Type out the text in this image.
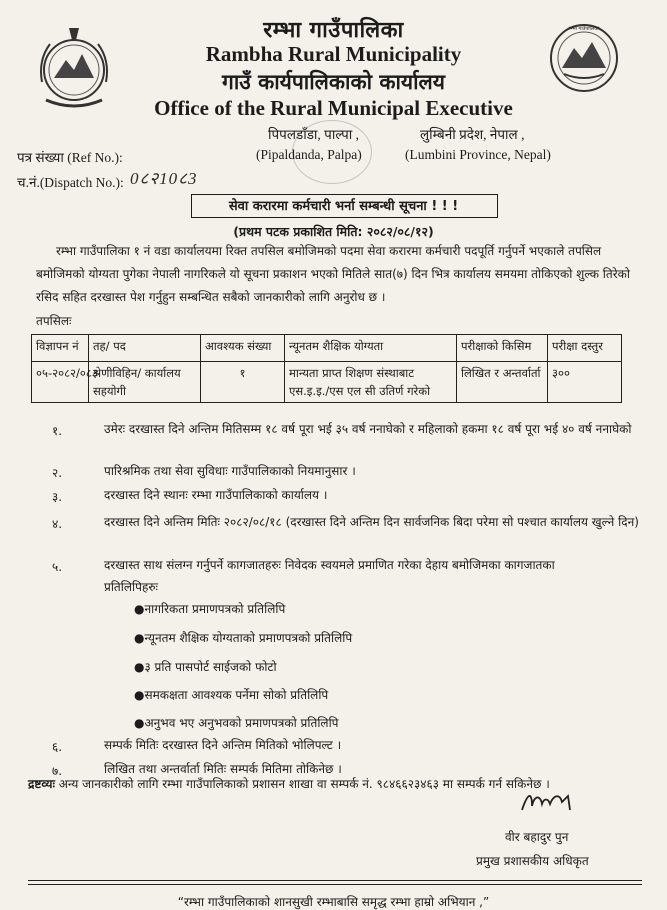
रम्भा गाउँपालिका
रम्भा गाउँपालिका
Rambha Rural Municipality
गाउँ कार्यपालिकाको कार्यालय
Office of the Rural Municipal Executive
पिपलडाँडा, पाल्पा ,
(Pipaldanda, Palpa)
लुम्बिनी प्रदेश, नेपाल ,
(Lumbini Province, Nepal)
पत्र संख्या (Ref No.):
च.नं.(Dispatch No.): 0८२10८3
सेवा करारमा कर्मचारी भर्ना सम्बन्धी सूचना ! ! !
(प्रथम पटक प्रकाशित मिति: २०८२/०८/१२)
रम्भा गाउँपालिका १ नं वडा कार्यालयमा रिक्त तपसिल बमोजिमको पदमा सेवा करारमा कर्मचारी पदपूर्ति गर्नुपर्ने भएकाले तपसिल बमोजिमको योग्यता पुगेका नेपाली नागरिकले यो सूचना प्रकाशन भएको मितिले सात(७) दिन भित्र कार्यालय समयमा तोकिएको शुल्क तिरेको रसिद सहित दरखास्त पेश गर्नुहुन सम्बन्धित सबैको जानकारीको लागि अनुरोध छ ।
तपसिलः
विज्ञापन नं	तह/ पद	आवश्यक संख्या	न्यूनतम शैक्षिक योग्यता	परीक्षाको किसिम	परीक्षा दस्तुर
०५-२०८२/०८३	श्रेणीविहिन/ कार्यालय सहयोगी	१	मान्यता प्राप्त शिक्षण संस्थाबाट एस.इ.इ./एस एल सी उतिर्ण गरेको	लिखित र अन्तर्वार्ता	३००
१.	उमेरः दरखास्त दिने अन्तिम मितिसम्म १८ वर्ष पूरा भई ३५ वर्ष ननाघेको र महिलाको हकमा १८ वर्ष पूरा भई ४० वर्ष ननाघेको
२.	पारिश्रमिक तथा सेवा सुविधाः गाउँपालिकाको नियमानुसार ।
३.	दरखास्त दिने स्थानः रम्भा गाउँपालिकाको कार्यालय ।
४.	दरखास्त दिने अन्तिम मितिः २०८२/०८/१८ (दरखास्त दिने अन्तिम दिन सार्वजनिक बिदा परेमा सो पश्चात कार्यालय खुल्ने दिन)
५.	दरखास्त साथ संलग्न गर्नुपर्ने कागजातहरुः निवेदक स्वयमले प्रमाणित गरेका देहाय बमोजिमका कागजातका प्रतिलिपिहरुः
●नागरिकता प्रमाणपत्रको प्रतिलिपि
●न्यूनतम शैक्षिक योग्यताको प्रमाणपत्रको प्रतिलिपि
●३ प्रति पासपोर्ट साईजको फोटो
●समकक्षता आवश्यक पर्नेमा सोको प्रतिलिपि
●अनुभव भए अनुभवको प्रमाणपत्रको प्रतिलिपि
६.	सम्पर्क मितिः दरखास्त दिने अन्तिम मितिको भोलिपल्ट ।
७.	लिखित तथा अन्तर्वार्ता मितिः सम्पर्क मितिमा तोकिनेछ ।
द्रष्टव्यः अन्य जानकारीको लागि रम्भा गाउँपालिकाको प्रशासन शाखा वा सम्पर्क नं. ९८४६६२३४६३ मा सम्पर्क गर्न सकिनेछ ।
वीर बहादुर पुन
प्रमुख प्रशासकीय अधिकृत
“रम्भा गाउँपालिकाको शानसुखी रम्भाबासि समृद्ध रम्भा हाम्रो अभियान ,”
